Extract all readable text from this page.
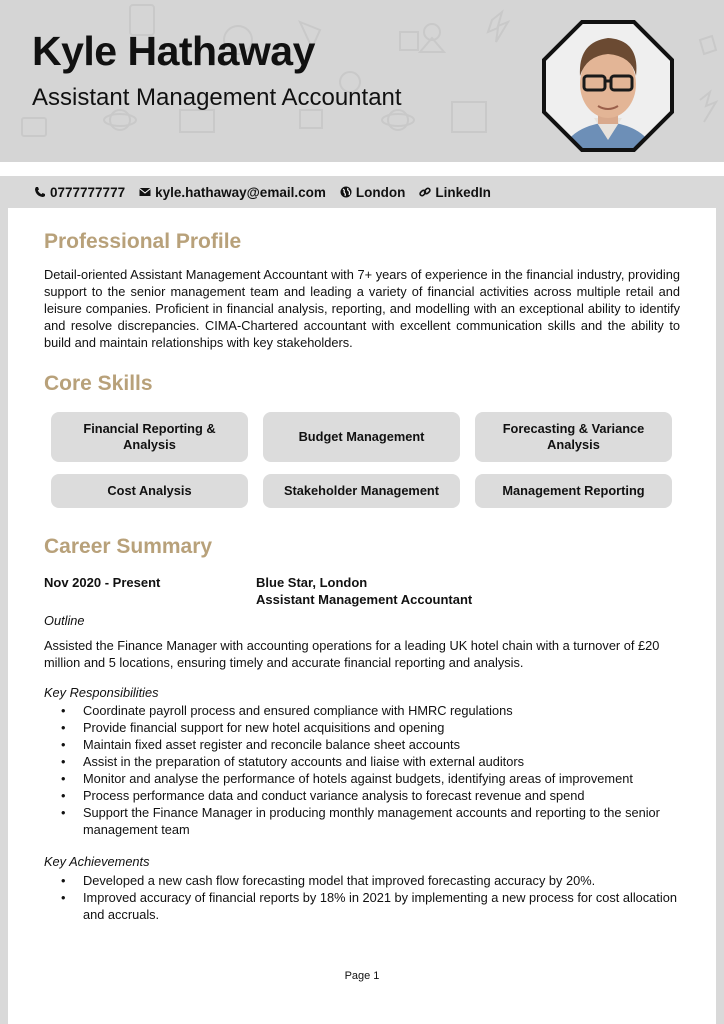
Kyle Hathaway
Assistant Management Accountant
0777777777 kyle.hathaway@email.com London LinkedIn
Professional Profile

Detail-oriented Assistant Management Accountant with 7+ years of experience in the financial industry, providing support to the senior management team and leading a variety of financial activities across multiple retail and leisure companies. Proficient in financial analysis, reporting, and modelling with an exceptional ability to identify and resolve discrepancies. CIMA-Chartered accountant with excellent communication skills and the ability to build and maintain relationships with key stakeholders.

Core Skills
Financial Reporting & Analysis
Budget Management
Forecasting & Variance Analysis
Cost Analysis	Stakeholder Management	Management Reporting
Career Summary

Nov 2020 - Present	Blue Star, London

Assistant Management Accountant

Outline

Assisted the Finance Manager with accounting operations for a leading UK hotel chain with a turnover of £20 million and 5 locations, ensuring timely and accurate financial reporting and analysis.

Key Responsibilities

• Coordinate payroll process and ensured compliance with HMRC regulations
• Provide financial support for new hotel acquisitions and opening
• Maintain fixed asset register and reconcile balance sheet accounts
• Assist in the preparation of statutory accounts and liaise with external auditors
• Monitor and analyse the performance of hotels against budgets, identifying areas of improvement
• Process performance data and conduct variance analysis to forecast revenue and spend
• Support the Finance Manager in producing monthly management accounts and reporting to the senior management team

Key Achievements

• Developed a new cash flow forecasting model that improved forecasting accuracy by 20%.
• Improved accuracy of financial reports by 18% in 2021 by implementing a new process for cost allocation and accruals.
Page 1
